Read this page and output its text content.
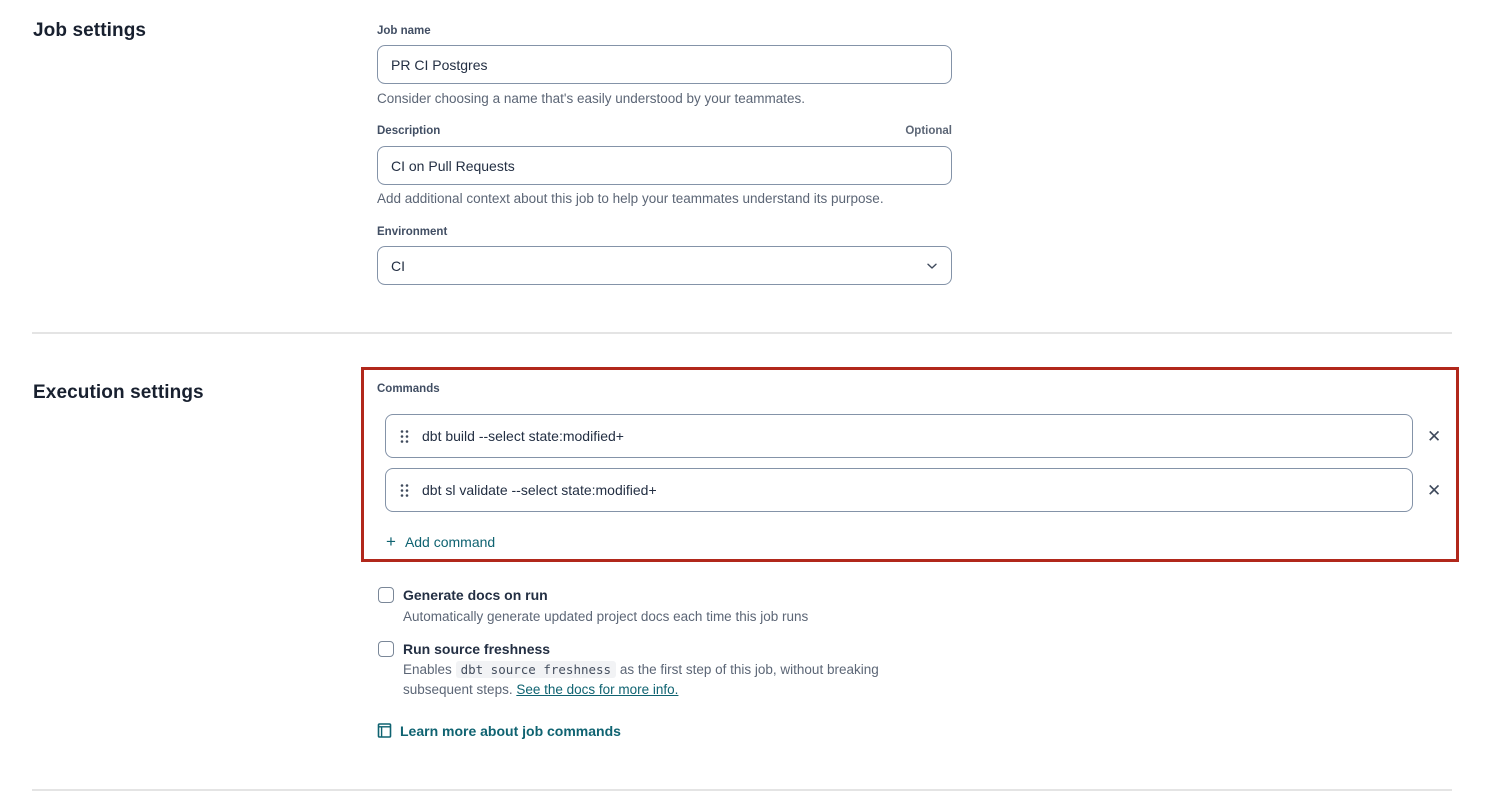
Job settings	Job name
PR CI Postgres
Consider choosing a name that's easily understood by your teammates.
Description	Optional
CI on Pull Requests
Add additional context about this job to help your teammates understand its purpose.
Environment
CI
Execution settings	Commands
dbt build --select state:modified+	✕
dbt sl validate --select state:modified+	✕
+ Add command
Generate docs on run
Automatically generate updated project docs each time this job runs
Run source freshness
Enables dbt source freshness as the first step of this job, without breaking subsequent steps. See the docs for more info.
Learn more about job commands
